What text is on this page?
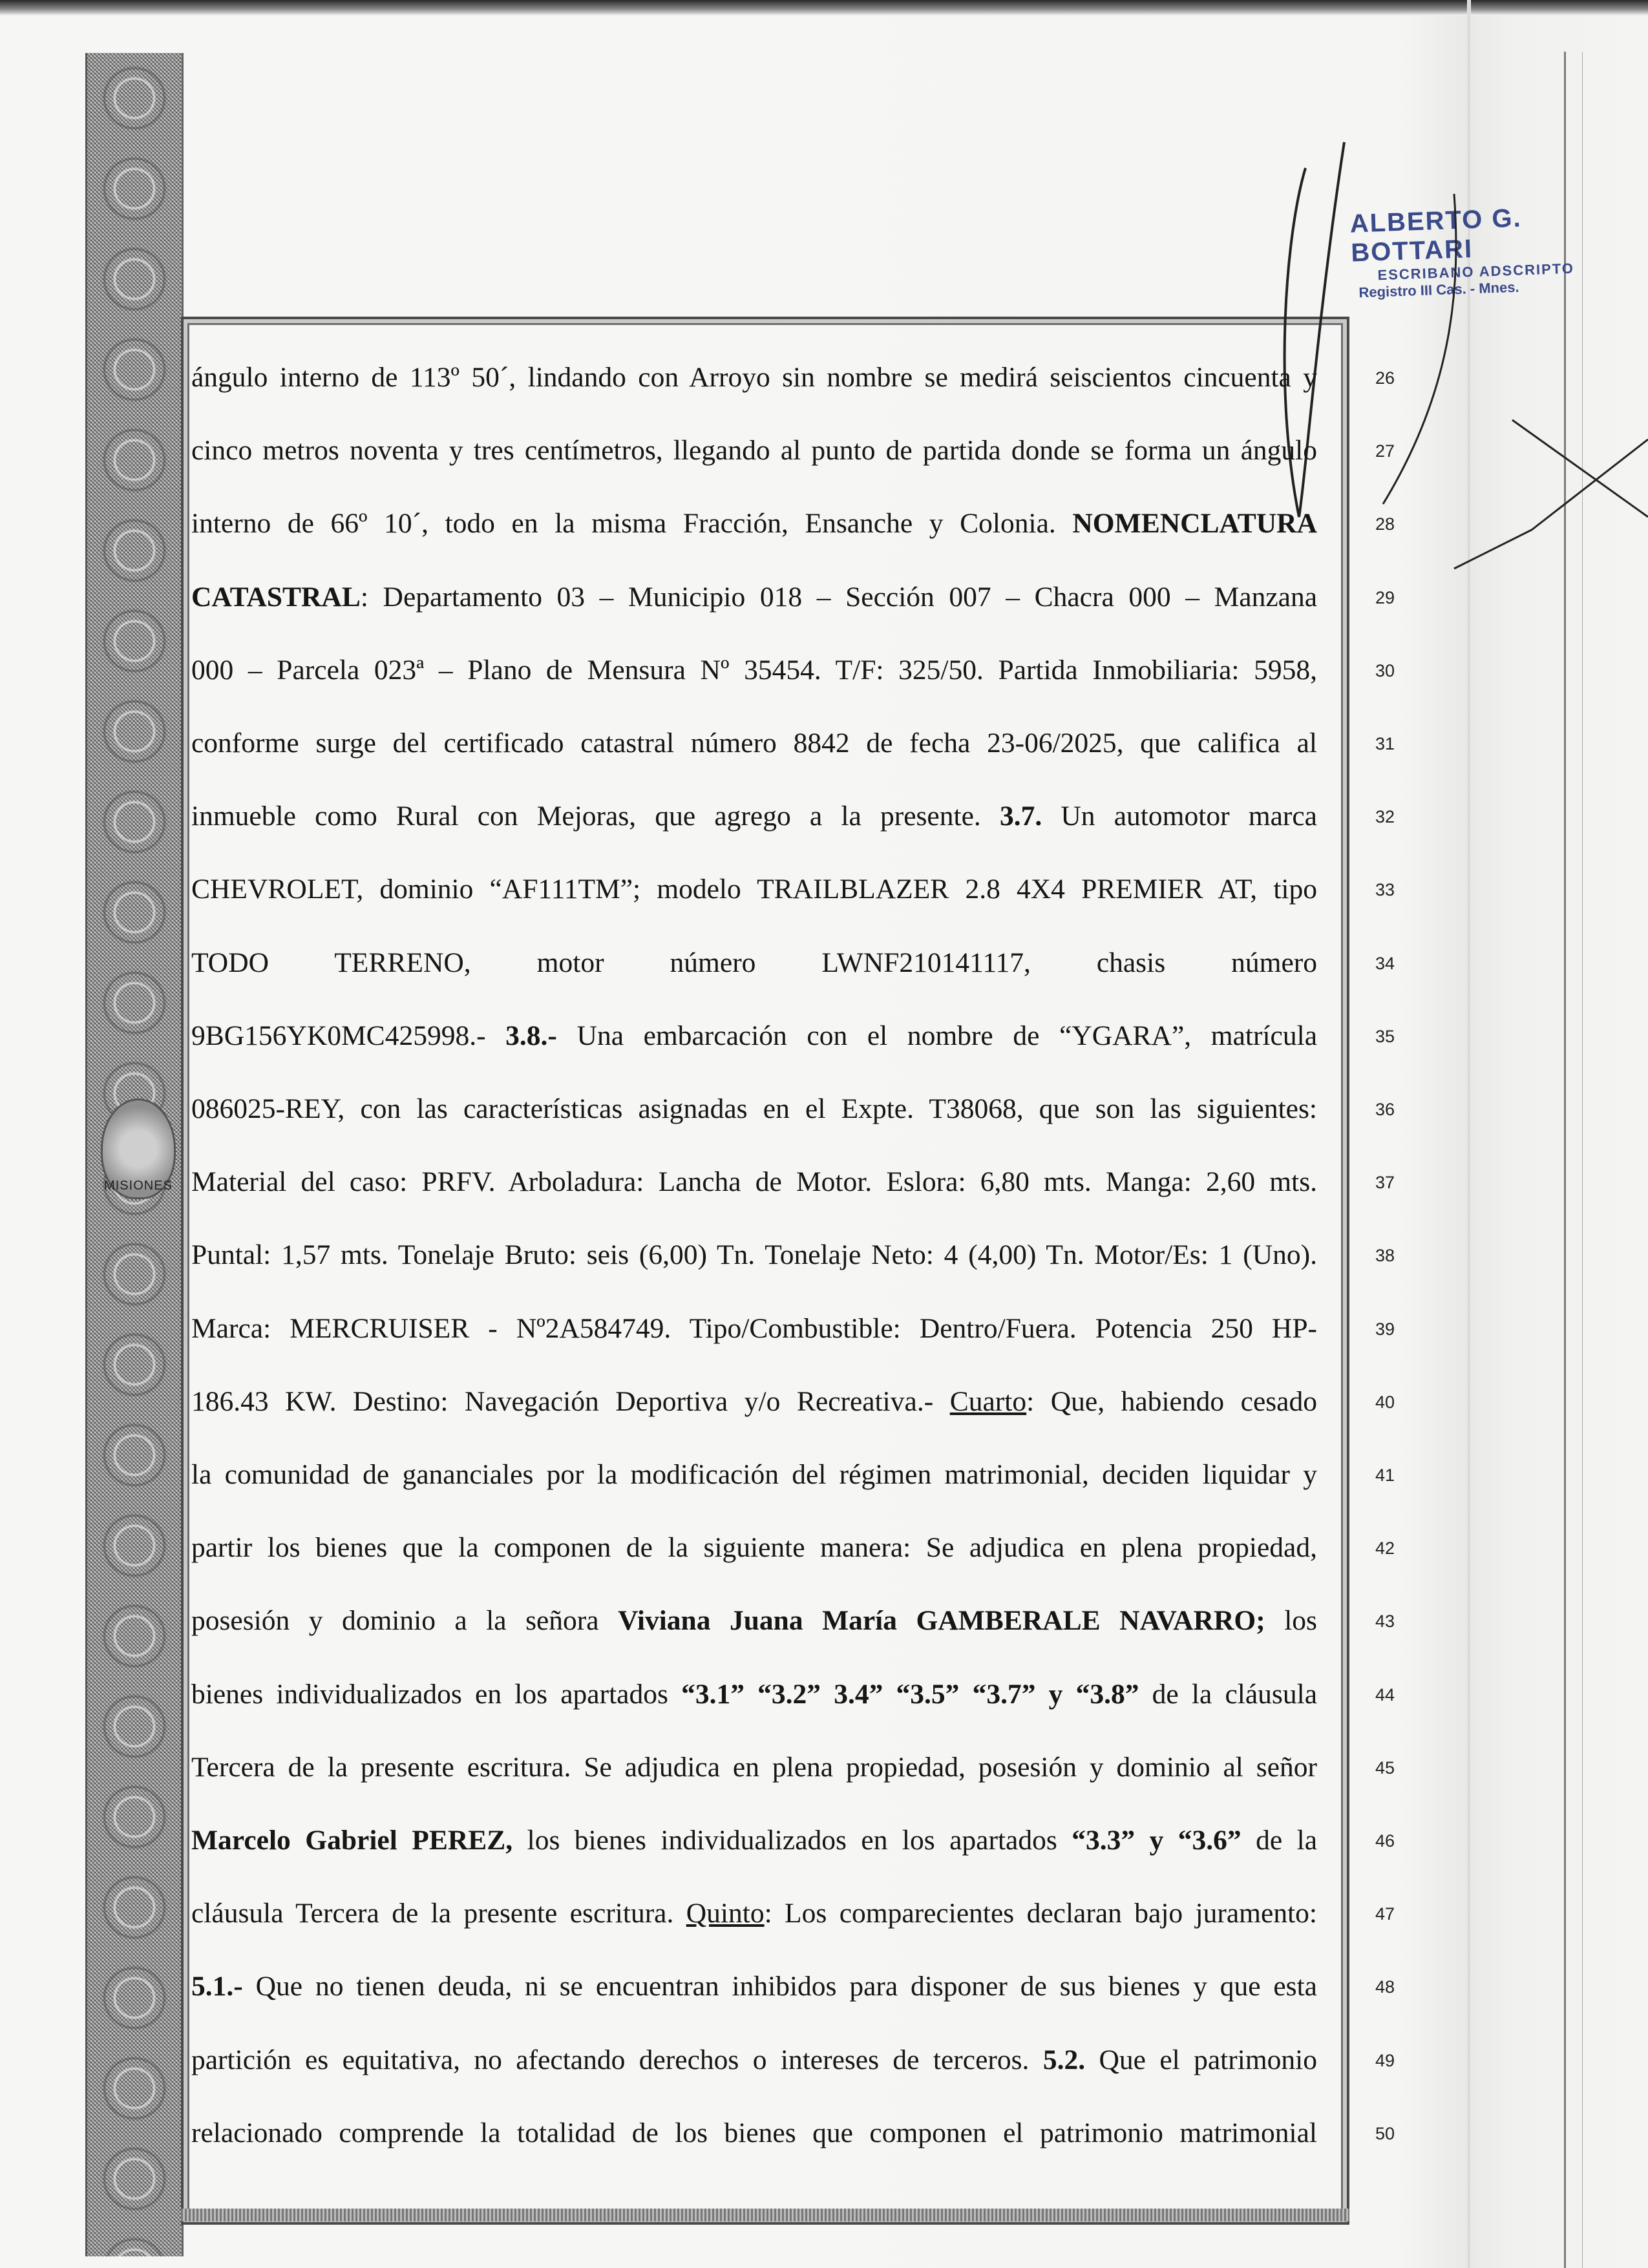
MISIONES
ALBERTO G. BOTTARI
ESCRIBANO ADSCRIPTO
Registro III Cas. - Mnes.
ángulo interno de 113º 50´, lindando con Arroyo sin nombre se medirá seiscientos cincuenta y
cinco metros noventa y tres centímetros, llegando al punto de partida donde se forma un ángulo
interno de 66º 10´, todo en la misma Fracción, Ensanche y Colonia. NOMENCLATURA
CATASTRAL: Departamento 03 – Municipio 018 – Sección 007 – Chacra 000 – Manzana
000 – Parcela 023ª – Plano de Mensura Nº 35454. T/F: 325/50. Partida Inmobiliaria: 5958,
conforme surge del certificado catastral número 8842 de fecha 23-06/2025, que califica al
inmueble como Rural con Mejoras, que agrego a la presente. 3.7. Un automotor marca
CHEVROLET, dominio “AF111TM”; modelo TRAILBLAZER 2.8 4X4 PREMIER AT, tipo
TODO TERRENO, motor número LWNF210141117, chasis número
9BG156YK0MC425998.- 3.8.- Una embarcación con el nombre de “YGARA”, matrícula
086025-REY, con las características asignadas en el Expte. T38068, que son las siguientes:
Material del caso: PRFV. Arboladura: Lancha de Motor. Eslora: 6,80 mts. Manga: 2,60 mts.
Puntal: 1,57 mts. Tonelaje Bruto: seis (6,00) Tn. Tonelaje Neto: 4 (4,00) Tn. Motor/Es: 1 (Uno).
Marca: MERCRUISER - Nº2A584749. Tipo/Combustible: Dentro/Fuera. Potencia 250 HP-
186.43 KW. Destino: Navegación Deportiva y/o Recreativa.- Cuarto: Que, habiendo cesado
la comunidad de gananciales por la modificación del régimen matrimonial, deciden liquidar y
partir los bienes que la componen de la siguiente manera: Se adjudica en plena propiedad,
posesión y dominio a la señora Viviana Juana María GAMBERALE NAVARRO; los
bienes individualizados en los apartados “3.1” “3.2” 3.4” “3.5” “3.7” y “3.8” de la cláusula
Tercera de la presente escritura. Se adjudica en plena propiedad, posesión y dominio al señor
Marcelo Gabriel PEREZ, los bienes individualizados en los apartados “3.3” y “3.6” de la
cláusula Tercera de la presente escritura. Quinto: Los comparecientes declaran bajo juramento:
5.1.- Que no tienen deuda, ni se encuentran inhibidos para disponer de sus bienes y que esta
partición es equitativa, no afectando derechos o intereses de terceros. 5.2. Que el patrimonio
relacionado comprende la totalidad de los bienes que componen el patrimonio matrimonial
26
27
28
29
30
31
32
33
34
35
36
37
38
39
40
41
42
43
44
45
46
47
48
49
50
